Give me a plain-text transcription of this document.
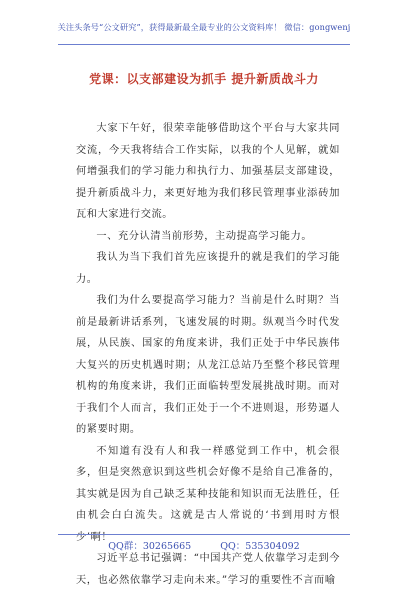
关注头条号“公文研究”，获得最新最全最专业的公文资料库！ 微信：gongwenj
党课：以支部建设为抓手 提升新质战斗力

大家下午好，很荣幸能够借助这个平台与大家共同交流，今天我将结合工作实际，以我的个人见解，就如何增强我们的学习能力和执行力、加强基层支部建设，提升新质战斗力，来更好地为我们移民管理事业添砖加瓦和大家进行交流。

一、充分认清当前形势，主动提高学习能力。

我认为当下我们首先应该提升的就是我们的学习能力。

我们为什么要提高学习能力？当前是什么时期？当前是最新讲话系列，飞速发展的时期。纵观当今时代发展，从民族、国家的角度来讲，我们正处于中华民族伟大复兴的历史机遇时期；从龙江总站乃至整个移民管理机构的角度来讲，我们正面临转型发展挑战时期。而对于我们个人而言，我们正处于一个不进则退，形势逼人的紧要时期。

不知道有没有人和我一样感觉到工作中，机会很多，但是突然意识到这些机会好像不是给自己准备的，其实就是因为自己缺乏某种技能和知识而无法胜任，任由机会白白流失。这就是古人常说的‘书到用时方恨少’啊！

习近平总书记强调：“中国共产党人依靠学习走到今天，也必然依靠学习走向未来。”学习的重要性不言而喻

QQ群：30265665	QQ：535304092
